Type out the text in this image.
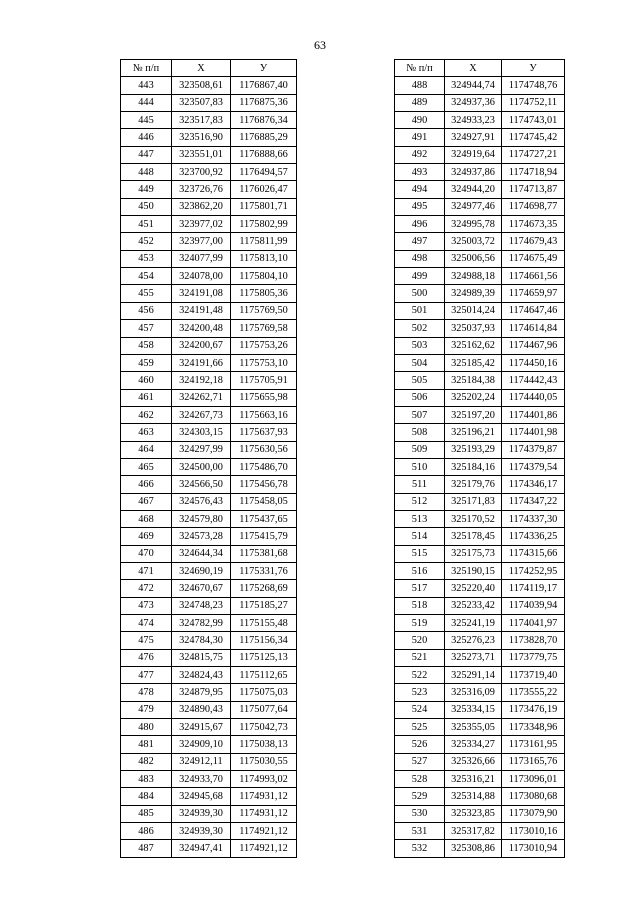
63
№ п/п	Х	У
443	323508,61	1176867,40
444	323507,83	1176875,36
445	323517,83	1176876,34
446	323516,90	1176885,29
447	323551,01	1176888,66
448	323700,92	1176494,57
449	323726,76	1176026,47
450	323862,20	1175801,71
451	323977,02	1175802,99
452	323977,00	1175811,99
453	324077,99	1175813,10
454	324078,00	1175804,10
455	324191,08	1175805,36
456	324191,48	1175769,50
457	324200,48	1175769,58
458	324200,67	1175753,26
459	324191,66	1175753,10
460	324192,18	1175705,91
461	324262,71	1175655,98
462	324267,73	1175663,16
463	324303,15	1175637,93
464	324297,99	1175630,56
465	324500,00	1175486,70
466	324566,50	1175456,78
467	324576,43	1175458,05
468	324579,80	1175437,65
469	324573,28	1175415,79
470	324644,34	1175381,68
471	324690,19	1175331,76
472	324670,67	1175268,69
473	324748,23	1175185,27
474	324782,99	1175155,48
475	324784,30	1175156,34
476	324815,75	1175125,13
477	324824,43	1175112,65
478	324879,95	1175075,03
479	324890,43	1175077,64
480	324915,67	1175042,73
481	324909,10	1175038,13
482	324912,11	1175030,55
483	324933,70	1174993,02
484	324945,68	1174931,12
485	324939,30	1174931,12
486	324939,30	1174921,12
487	324947,41	1174921,12
№ п/п	Х	У
488	324944,74	1174748,76
489	324937,36	1174752,11
490	324933,23	1174743,01
491	324927,91	1174745,42
492	324919,64	1174727,21
493	324937,86	1174718,94
494	324944,20	1174713,87
495	324977,46	1174698,77
496	324995,78	1174673,35
497	325003,72	1174679,43
498	325006,56	1174675,49
499	324988,18	1174661,56
500	324989,39	1174659,97
501	325014,24	1174647,46
502	325037,93	1174614,84
503	325162,62	1174467,96
504	325185,42	1174450,16
505	325184,38	1174442,43
506	325202,24	1174440,05
507	325197,20	1174401,86
508	325196,21	1174401,98
509	325193,29	1174379,87
510	325184,16	1174379,54
511	325179,76	1174346,17
512	325171,83	1174347,22
513	325170,52	1174337,30
514	325178,45	1174336,25
515	325175,73	1174315,66
516	325190,15	1174252,95
517	325220,40	1174119,17
518	325233,42	1174039,94
519	325241,19	1174041,97
520	325276,23	1173828,70
521	325273,71	1173779,75
522	325291,14	1173719,40
523	325316,09	1173555,22
524	325334,15	1173476,19
525	325355,05	1173348,96
526	325334,27	1173161,95
527	325326,66	1173165,76
528	325316,21	1173096,01
529	325314,88	1173080,68
530	325323,85	1173079,90
531	325317,82	1173010,16
532	325308,86	1173010,94
